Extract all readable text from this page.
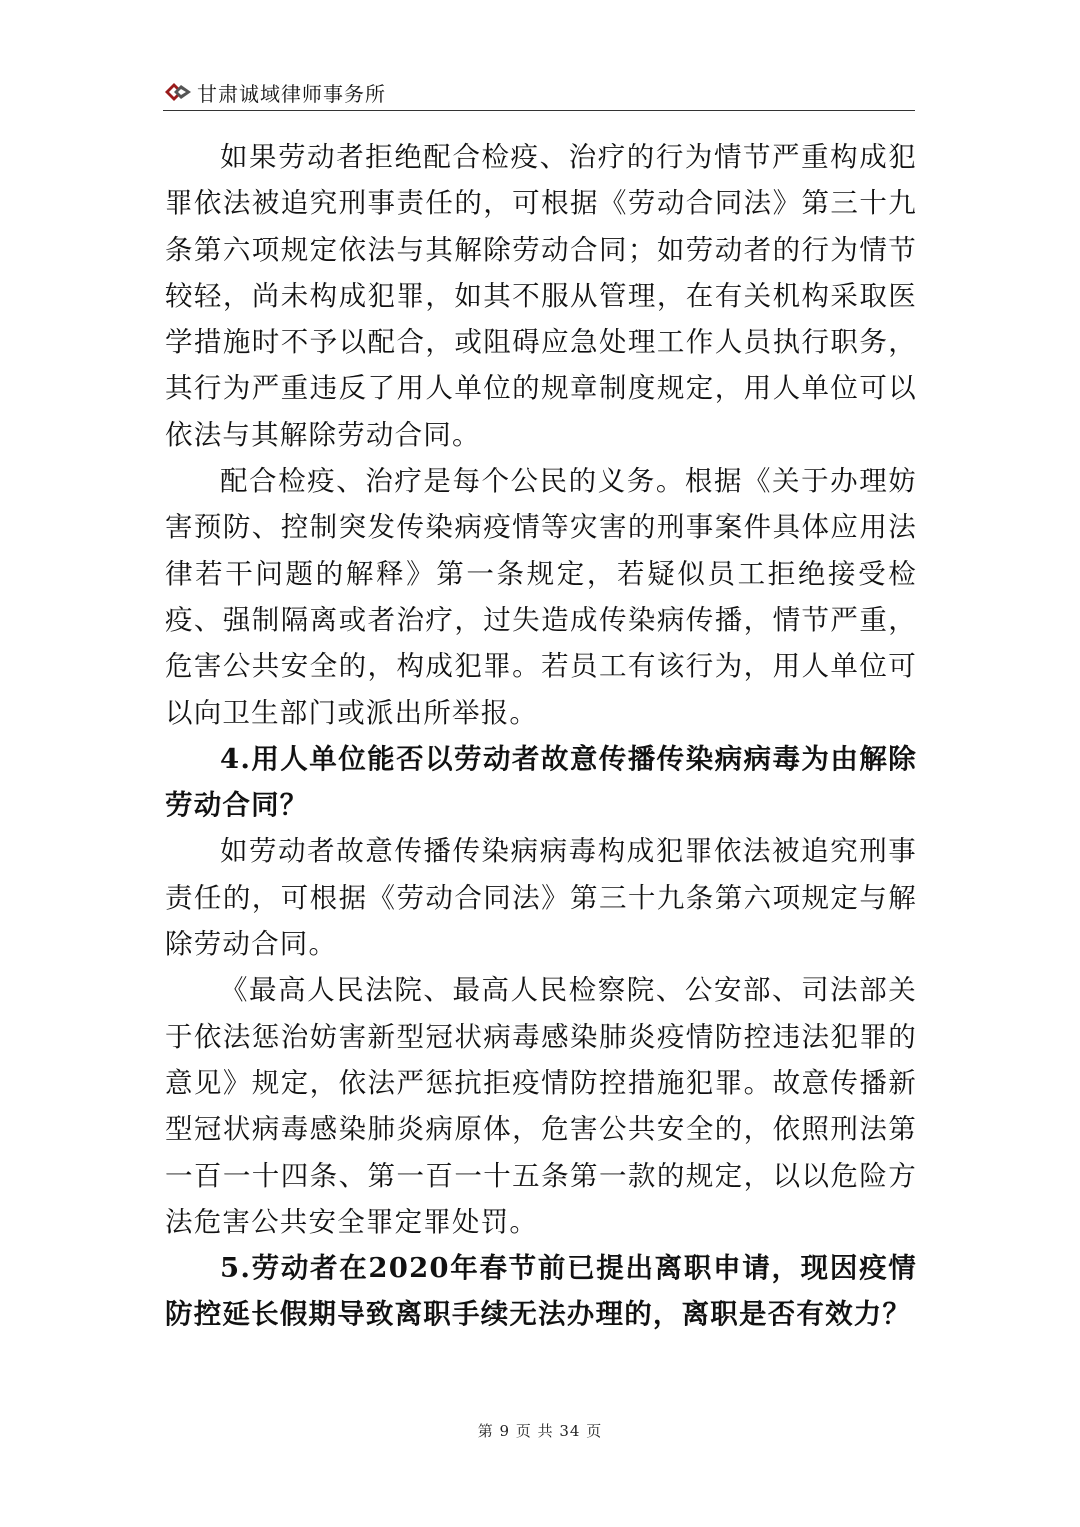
甘肃诚域律师事务所

如果劳动者拒绝配合检疫、治疗的行为情节严重构成犯罪依法被追究刑事责任的，可根据《劳动合同法》第三十九条第六项规定依法与其解除劳动合同；如劳动者的行为情节较轻，尚未构成犯罪，如其不服从管理，在有关机构采取医学措施时不予以配合，或阻碍应急处理工作人员执行职务，其行为严重违反了用人单位的规章制度规定，用人单位可以依法与其解除劳动合同。

配合检疫、治疗是每个公民的义务。根据《关于办理妨害预防、控制突发传染病疫情等灾害的刑事案件具体应用法律若干问题的解释》第一条规定，若疑似员工拒绝接受检疫、强制隔离或者治疗，过失造成传染病传播，情节严重，危害公共安全的，构成犯罪。若员工有该行为，用人单位可以向卫生部门或派出所举报。

4.用人单位能否以劳动者故意传播传染病病毒为由解除劳动合同？

如劳动者故意传播传染病病毒构成犯罪依法被追究刑事责任的，可根据《劳动合同法》第三十九条第六项规定与解除劳动合同。

《最高人民法院、最高人民检察院、公安部、司法部关于依法惩治妨害新型冠状病毒感染肺炎疫情防控违法犯罪的意见》规定，依法严惩抗拒疫情防控措施犯罪。故意传播新型冠状病毒感染肺炎病原体，危害公共安全的，依照刑法第一百一十四条、第一百一十五条第一款的规定，以以危险方法危害公共安全罪定罪处罚。

5.劳动者在2020年春节前已提出离职申请，现因疫情防控延长假期导致离职手续无法办理的，离职是否有效力？

第 9 页 共 34 页
